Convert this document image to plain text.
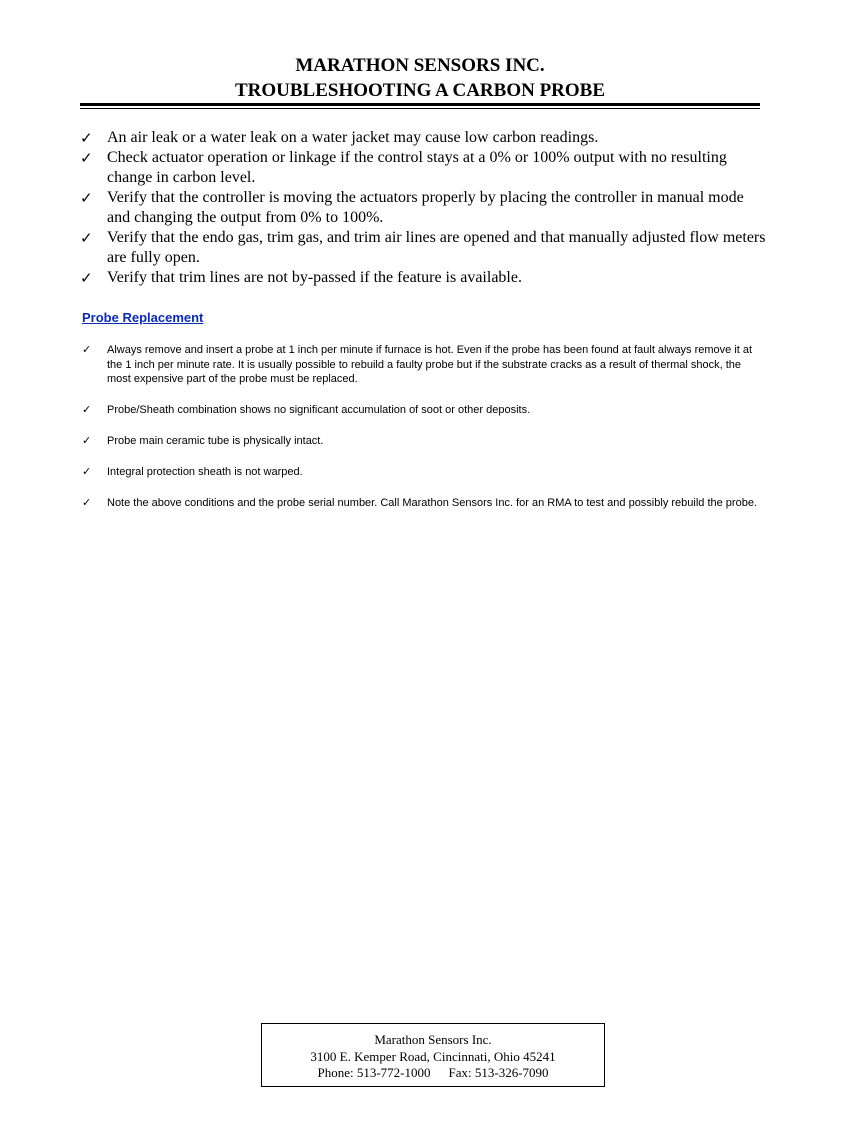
MARATHON SENSORS INC.
TROUBLESHOOTING A CARBON PROBE
✓ An air leak or a water leak on a water jacket may cause low carbon readings.
✓ Check actuator operation or linkage if the control stays at a 0% or 100% output with no resulting change in carbon level.
✓ Verify that the controller is moving the actuators properly by placing the controller in manual mode and changing the output from 0% to 100%.
✓ Verify that the endo gas, trim gas, and trim air lines are opened and that manually adjusted flow meters are fully open.
✓ Verify that trim lines are not by-passed if the feature is available.
Probe Replacement
✓ Always remove and insert a probe at 1 inch per minute if furnace is hot. Even if the probe has been found at fault always remove it at the 1 inch per minute rate. It is usually possible to rebuild a faulty probe but if the substrate cracks as a result of thermal shock, the most expensive part of the probe must be replaced.
✓ Probe/Sheath combination shows no significant accumulation of soot or other deposits.
✓ Probe main ceramic tube is physically intact.
✓ Integral protection sheath is not warped.
✓ Note the above conditions and the probe serial number. Call Marathon Sensors Inc. for an RMA to test and possibly rebuild the probe.
Marathon Sensors Inc.
3100 E. Kemper Road, Cincinnati, Ohio 45241
Phone: 513-772-1000 Fax: 513-326-7090
